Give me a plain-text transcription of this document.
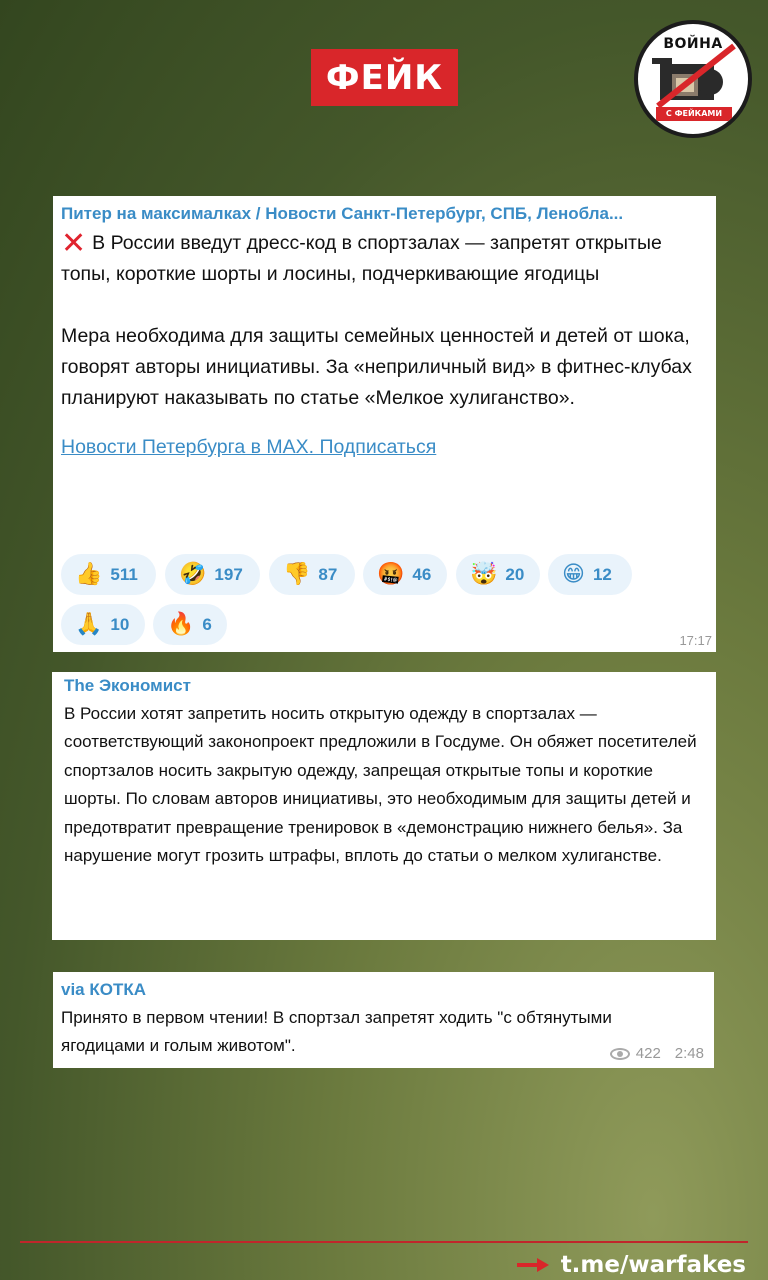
ФЕЙК
ВОЙНА
С ФЕЙКАМИ
Питер на максималках / Новости Санкт-Петербург, СПБ, Ленобла...
✕ В России введут дресс-код в спортзалах — запретят открытые топы, короткие шорты и лосины, подчеркивающие ягодицы
Мера необходима для защиты семейных ценностей и детей от шока, говорят авторы инициативы. За «неприличный вид» в фитнес-клубах планируют наказывать по статье «Мелкое хулиганство».
Новости Петербурга в MAX. Подписаться
👍 511 🤣 197 👎 87 🤬 46 🤯 20 😁 12
🙏 10 🔥 6
17:17
The Экономист
В России хотят запретить носить открытую одежду в спортзалах — соответствующий законопроект предложили в Госдуме. Он обяжет посетителей спортзалов носить закрытую одежду, запрещая открытые топы и короткие шорты. По словам авторов инициативы, это необходимым для защиты детей и предотвратит превращение тренировок в «демонстрацию нижнего белья». За нарушение могут грозить штрафы, вплоть до статьи о мелком хулиганстве.
via КОТКА
Принято в первом чтении! В спортзал запретят ходить "с обтянутыми ягодицами и голым животом".	422 2:48
t.me/warfakes
